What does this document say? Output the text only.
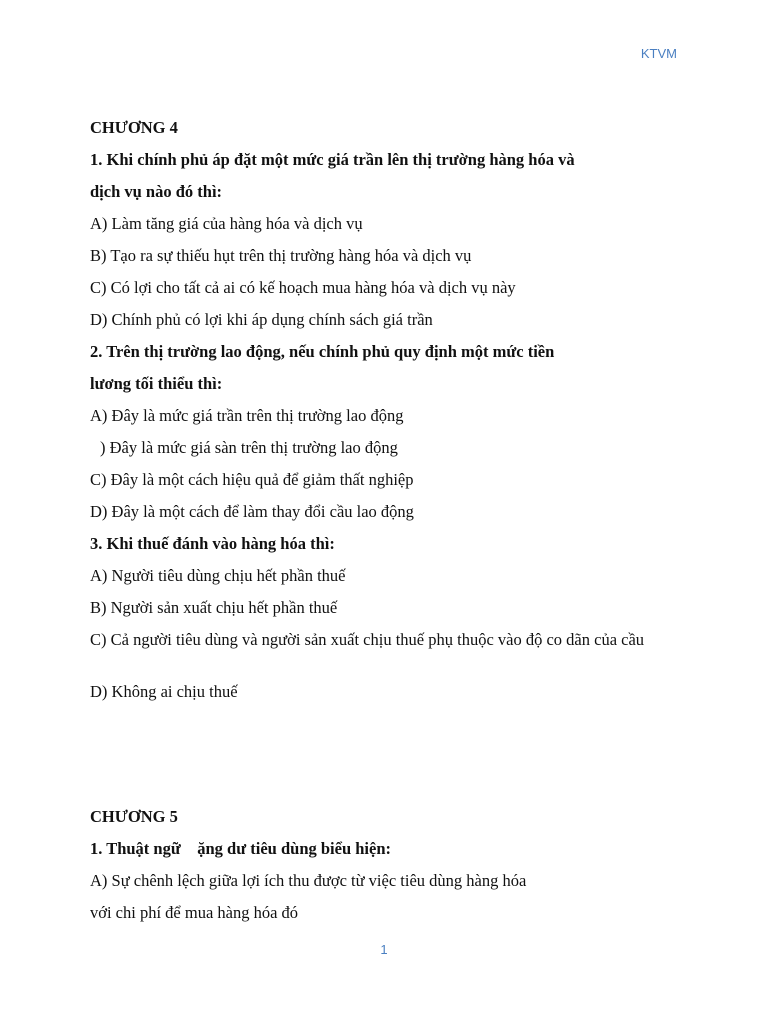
KTVM
CHƯƠNG 4
1. Khi chính phủ áp đặt một mức giá trần lên thị trường hàng hóa và
dịch vụ nào đó thì:
A) Làm tăng giá của hàng hóa và dịch vụ
B) Tạo ra sự thiếu hụt trên thị trường hàng hóa và dịch vụ
C) Có lợi cho tất cả ai có kế hoạch mua hàng hóa và dịch vụ này
D) Chính phủ có lợi khi áp dụng chính sách giá trần
2. Trên thị trường lao động, nếu chính phủ quy định một mức tiền
lương tối thiểu thì:
A) Đây là mức giá trần trên thị trường lao động
) Đây là mức giá sàn trên thị trường lao động
C) Đây là một cách hiệu quả để giảm thất nghiệp
D) Đây là một cách để làm thay đổi cầu lao động
3. Khi thuế đánh vào hàng hóa thì:
A) Người tiêu dùng chịu hết phần thuế
B) Người sản xuất chịu hết phần thuế
C) Cả người tiêu dùng và người sản xuất chịu thuế phụ thuộc vào độ co dãn của cầu
D) Không ai chịu thuế
CHƯƠNG 5
1. Thuật ngữ    ặng dư tiêu dùng biểu hiện:
A) Sự chênh lệch giữa lợi ích thu được từ việc tiêu dùng hàng hóa
với chi phí để mua hàng hóa đó
1
